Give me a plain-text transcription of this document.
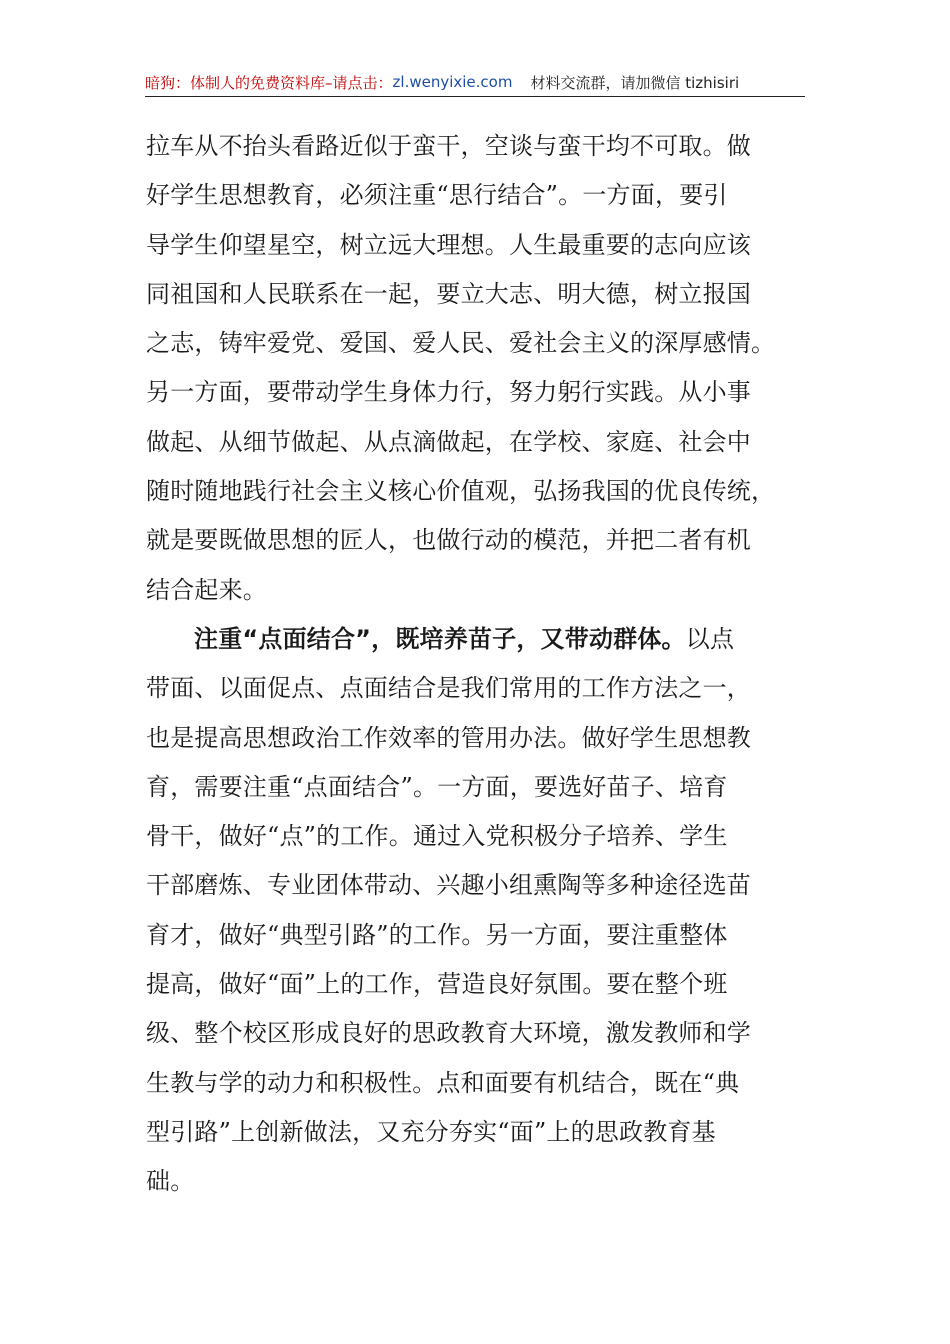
暗狗：体制人的免费资料库 –请点击： zl.wenyixie.com 材料交流群，请加微信 tizhisiri
拉车从不抬头看路近似于蛮干，空谈与蛮干均不可取。做
好学生思想教育，必须注重“思行结合”。一方面，要引
导学生仰望星空，树立远大理想。人生最重要的志向应该
同祖国和人民联系在一起，要立大志、明大德，树立报国
之志，铸牢爱党、爱国、爱人民、爱社会主义的深厚感情。
另一方面，要带动学生身体力行，努力躬行实践。从小事
做起、从细节做起、从点滴做起，在学校、家庭、社会中
随时随地践行社会主义核心价值观，弘扬我国的优良传统，
就是要既做思想的匠人，也做行动的模范，并把二者有机
结合起来。
注重“点面结合”，既培养苗子，又带动群体。以点
带面、以面促点、点面结合是我们常用的工作方法之一，
也是提高思想政治工作效率的管用办法。做好学生思想教
育，需要注重“点面结合”。一方面，要选好苗子、培育
骨干，做好“点”的工作。通过入党积极分子培养、学生
干部磨炼、专业团体带动、兴趣小组熏陶等多种途径选苗
育才，做好“典型引路”的工作。另一方面，要注重整体
提高，做好“面”上的工作，营造良好氛围。要在整个班
级、整个校区形成良好的思政教育大环境，激发教师和学
生教与学的动力和积极性。点和面要有机结合，既在“典
型引路”上创新做法，又充分夯实“面”上的思政教育基
础。
